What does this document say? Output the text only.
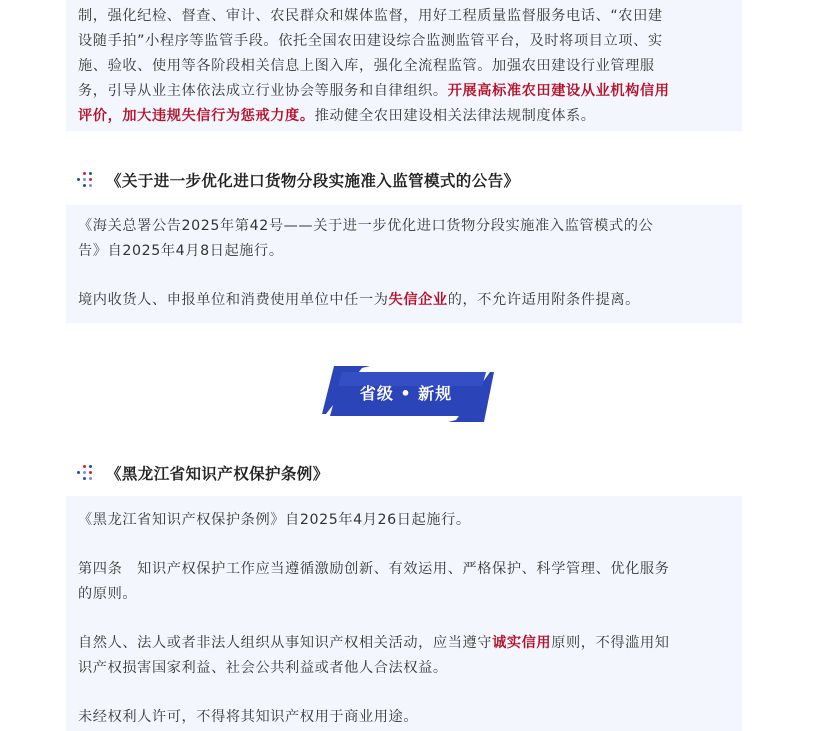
制，强化纪检、督查、审计、农民群众和媒体监督，用好工程质量监督服务电话、“农田建

设随手拍”小程序等监管手段。依托全国农田建设综合监测监管平台，及时将项目立项、实

施、验收、使用等各阶段相关信息上图入库，强化全流程监管。加强农田建设行业管理服

务，引导从业主体依法成立行业协会等服务和自律组织。开展高标准农田建设从业机构信用

评价，加大违规失信行为惩戒力度。推动健全农田建设相关法律法规制度体系。

《关于进一步优化进口货物分段实施准入监管模式的公告》

《海关总署公告2025年第42号——关于进一步优化进口货物分段实施准入监管模式的公

告》自2025年4月8日起施行。

境内收货人、申报单位和消费使用单位中任一为失信企业的，不允许适用附条件提离。

省级 • 新规
《黑龙江省知识产权保护条例》

《黑龙江省知识产权保护条例》自2025年4月26日起施行。

第四条　知识产权保护工作应当遵循激励创新、有效运用、严格保护、科学管理、优化服务

的原则。

自然人、法人或者非法人组织从事知识产权相关活动，应当遵守诚实信用原则，不得滥用知

识产权损害国家利益、社会公共利益或者他人合法权益。

未经权利人许可，不得将其知识产权用于商业用途。
